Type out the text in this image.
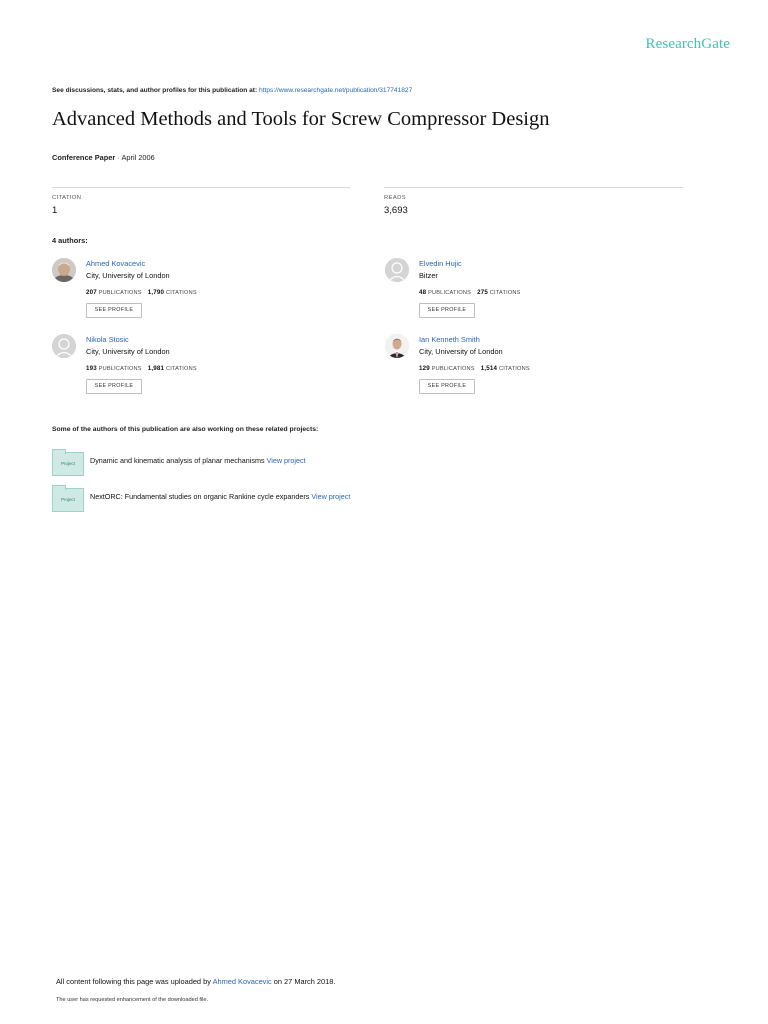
ResearchGate
See discussions, stats, and author profiles for this publication at: https://www.researchgate.net/publication/317741827
Advanced Methods and Tools for Screw Compressor Design
Conference Paper · April 2006
CITATION
1
READS
3,693
4 authors:
Ahmed Kovacevic
City, University of London
207 PUBLICATIONS 1,790 CITATIONS
SEE PROFILE
Elvedin Hujic
Bitzer
48 PUBLICATIONS 275 CITATIONS
SEE PROFILE
Nikola Stosic
City, University of London
193 PUBLICATIONS 1,981 CITATIONS
SEE PROFILE
Ian Kenneth Smith
City, University of London
129 PUBLICATIONS 1,514 CITATIONS
SEE PROFILE
Some of the authors of this publication are also working on these related projects:
Project	Dynamic and kinematic analysis of planar mechanisms View project
Project	NextORC: Fundamental studies on organic Rankine cycle expanders View project
All content following this page was uploaded by Ahmed Kovacevic on 27 March 2018.
The user has requested enhancement of the downloaded file.
